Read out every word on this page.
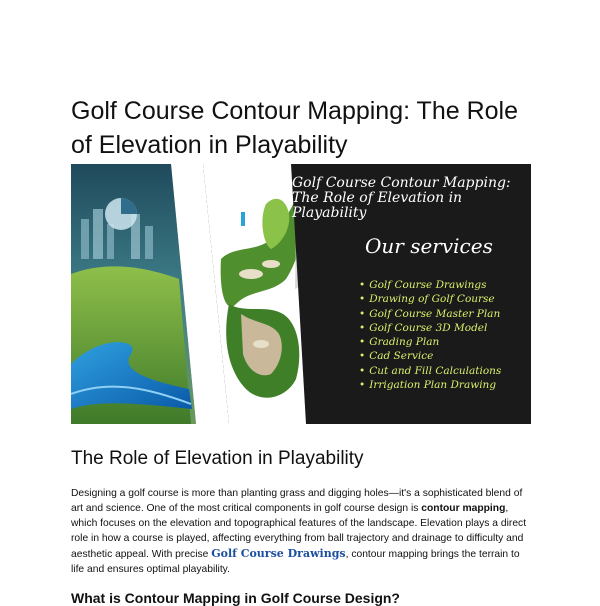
Golf Course Contour Mapping: The Role of Elevation in Playability

Golf Course Contour Mapping: The Role of Elevation in Playability

Our services
• Golf Course Drawings
• Drawing of Golf Course
• Golf Course Master Plan
• Golf Course 3D Model
• Grading Plan
• Cad Service
• Cut and Fill Calculations
• Irrigation Plan Drawing
The Role of Elevation in Playability

Designing a golf course is more than planting grass and digging holes—it's a sophisticated blend of art and science. One of the most critical components in golf course design is contour mapping, which focuses on the elevation and topographical features of the landscape. Elevation plays a direct role in how a course is played, affecting everything from ball trajectory and drainage to difficulty and aesthetic appeal. With precise Golf Course Drawings, contour mapping brings the terrain to life and ensures optimal playability.

What is Contour Mapping in Golf Course Design?
